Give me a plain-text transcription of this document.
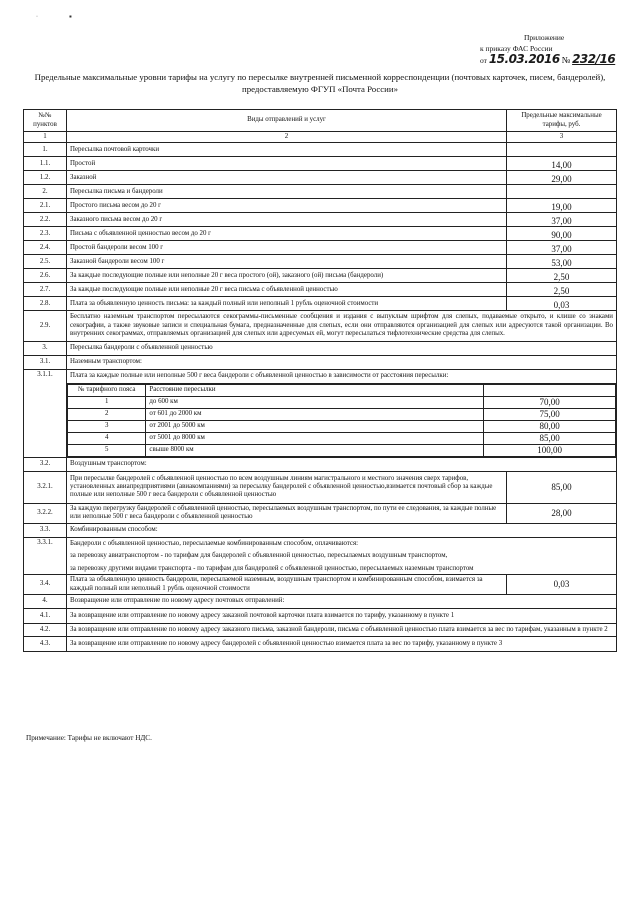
·	▪
Приложение
к приказу ФАС России
от 15.03.2016 № 232/16
Предельные максимальные уровни тарифы на услугу по пересылке внутренней письменной корреспонденции (почтовых карточек, писем, бандеролей), предоставляемую ФГУП «Почта России»
№№ пунктов	Виды отправлений и услуг	Предельные максимальные тарифы, руб.
1	2	3
1.	Пересылка почтовой карточки	
1.1.	Простой	14,00
1.2.	Заказной	29,00
2.	Пересылка письма и бандероли	
2.1.	Простого письма весом до 20 г	19,00
2.2.	Заказного письма весом до 20 г	37,00
2.3.	Письма с объявленной ценностью весом до 20 г	90,00
2.4.	Простой бандероли весом 100 г	37,00
2.5.	Заказной бандероли весом 100 г	53,00
2.6.	За каждые последующие полные или неполные 20 г веса простого (ой), заказного (ой) письма (бандероли)	2,50
2.7.	За каждые последующие полные или неполные 20 г веса письма с объявленной ценностью	2,50
2.8.	Плата за объявленную ценность письма: за каждый полный или неполный 1 рубль оценочной стоимости	0,03
2.9.	Бесплатно наземным транспортом пересылаются секограммы-письменные сообщения и издания с выпуклым шрифтом для слепых, подаваемые открыто, и клише со знаками секографии, а также звуковые записи и специальная бумага, предназначенные для слепых, если они отправляются организацией для слепых или адресуются такой организации. Во внутренних секограммах, отправляемых организацией для слепых или адресуемых ей, могут пересылаться тифлотехнические средства для слепых.
3.	Пересылка бандероли с объявленной ценностью
3.1.	Наземным транспортом:
3.1.1.	Плата за каждые полные или неполные 500 г веса бандероли с объявленной ценностью в зависимости от расстояния пересылки:

№ тарифного пояса	Расстояние пересылки	
1	до 600 км	70,00
2	от 601 до 2000 км	75,00
3	от 2001 до 5000 км	80,00
4	от 5001 до 8000 км	85,00
5	свыше 8000 км	100,00

3.2.	Воздушным транспортом:
3.2.1.	При пересылке бандеролей с объявленной ценностью по всем воздушным линиям магистрального и местного значения сверх тарифов, установленных авиапредприятиями (авиакомпаниями) за пересылку бандеролей с объявленной ценностью,взимается почтовый сбор за каждые полные или неполные 500 г веса бандероли с объявленной ценностью	85,00
3.2.2.	За каждую перегрузку бандеролей с объявленной ценностью, пересылаемых воздушным транспортом, по пути ее следования, за каждые полные или неполные 500 г веса бандероли с объявленной ценностью	28,00
3.3.	Комбинированным способом:
3.3.1.	Бандероли с объявленной ценностью, пересылаемые комбинированным способом, оплачиваются:
за перевозку авиатранспортом - по тарифам для бандеролей с объявленной ценностью, пересылаемых воздушным транспортом,
за перевозку другими видами транспорта - по тарифам для бандеролей с объявленной ценностью, пересылаемых наземным транспортом

3.4.	Плата за объявленную ценность бандероли, пересылаемой наземным, воздушным транспортом и комбинированным способом, взимается за каждый полный или неполный 1 рубль оценочной стоимости	0,03
4.	Возвращение или отправление по новому адресу почтовых отправлений:
4.1.	За возвращение или отправление по новому адресу заказной почтовой карточки плата взимается по тарифу, указанному в пункте 1
4.2.	За возвращение или отправление по новому адресу заказного письма, заказной бандероли, письма с объявленной ценностью плата взимается за вес по тарифам, указанным в пункте 2
4.3.	За возвращение или отправление по новому адресу бандеролей с объявленной ценностью взимается плата за вес по тарифу, указанному в пункте 3
Примечание: Тарифы не включают НДС.
